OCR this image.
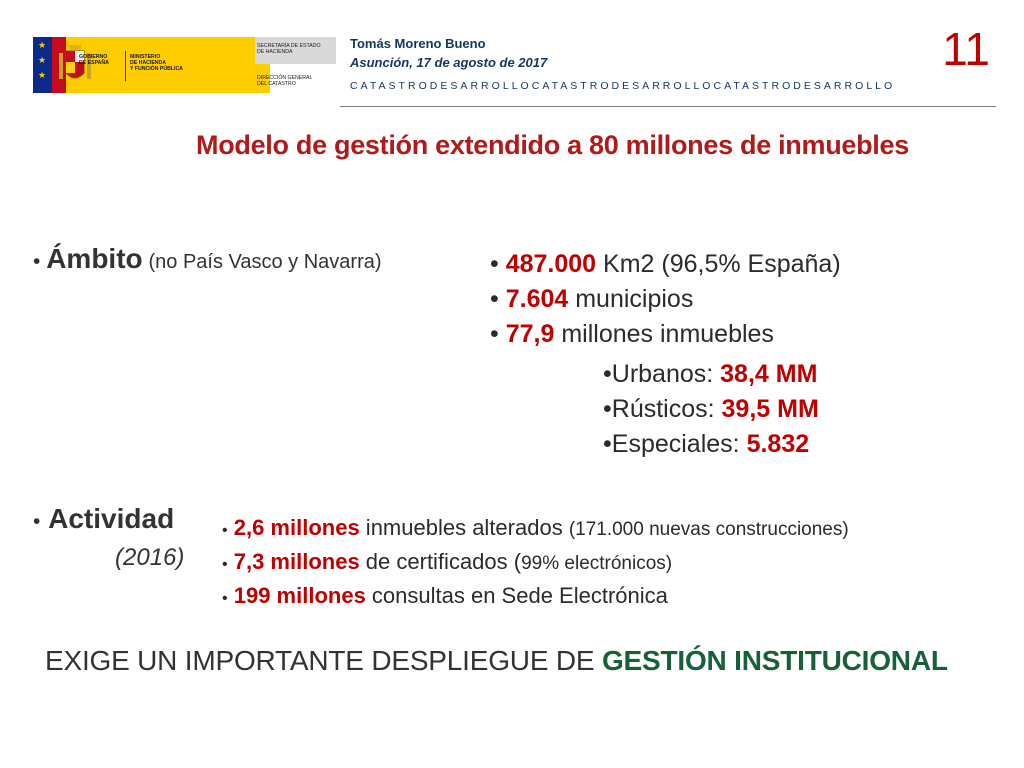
★
★
★
GOBIERNO
DE ESPAÑA
MINISTERIO
DE HACIENDA
Y FUNCIÓN PÚBLICA
SECRETARÍA DE ESTADO
DE HACIENDA
DIRECCIÓN GENERAL
DEL CATASTRO
Tomás Moreno Bueno
Asunción, 17 de agosto de 2017
CATASTRODESARROLLOCATASTRODESARROLLOCATASTRODESARROLLO
11
Modelo de gestión extendido a 80 millones de inmuebles
• Ámbito (no País Vasco y Navarra)	• 487.000 Km2 (96,5% España)
• 7.604 municipios
• 77,9 millones inmuebles
•Urbanos: 38,4 MM
•Rústicos: 39,5 MM
•Especiales: 5.832
• Actividad
(2016)
• 2,6 millones inmuebles alterados (171.000 nuevas construcciones)
• 7,3 millones de certificados (99% electrónicos)
• 199 millones consultas en Sede Electrónica
EXIGE UN IMPORTANTE DESPLIEGUE DE GESTIÓN INSTITUCIONAL
